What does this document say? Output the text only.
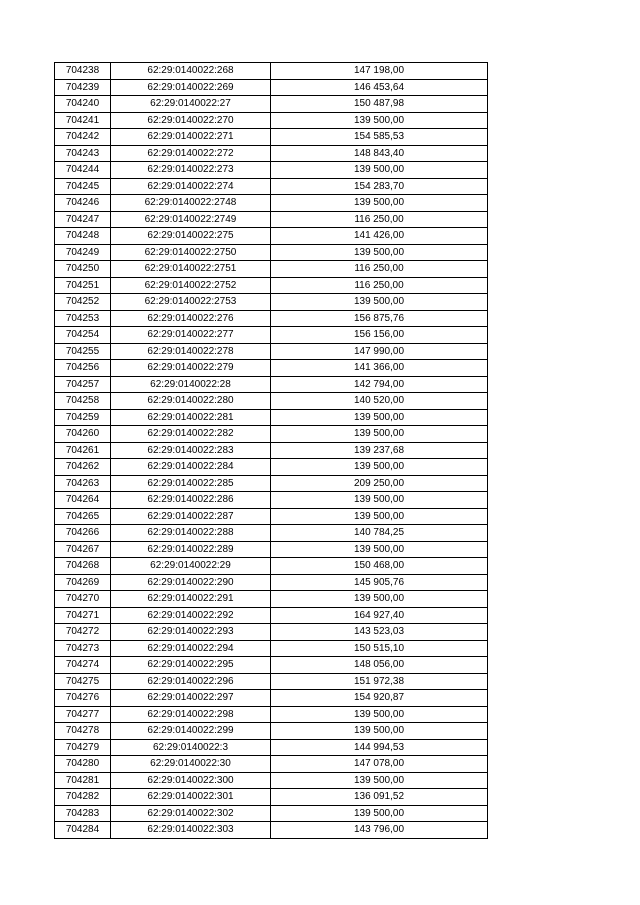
704238	62:29:0140022:268	147 198,00
704239	62:29:0140022:269	146 453,64
704240	62:29:0140022:27	150 487,98
704241	62:29:0140022:270	139 500,00
704242	62:29:0140022:271	154 585,53
704243	62:29:0140022:272	148 843,40
704244	62:29:0140022:273	139 500,00
704245	62:29:0140022:274	154 283,70
704246	62:29:0140022:2748	139 500,00
704247	62:29:0140022:2749	116 250,00
704248	62:29:0140022:275	141 426,00
704249	62:29:0140022:2750	139 500,00
704250	62:29:0140022:2751	116 250,00
704251	62:29:0140022:2752	116 250,00
704252	62:29:0140022:2753	139 500,00
704253	62:29:0140022:276	156 875,76
704254	62:29:0140022:277	156 156,00
704255	62:29:0140022:278	147 990,00
704256	62:29:0140022:279	141 366,00
704257	62:29:0140022:28	142 794,00
704258	62:29:0140022:280	140 520,00
704259	62:29:0140022:281	139 500,00
704260	62:29:0140022:282	139 500,00
704261	62:29:0140022:283	139 237,68
704262	62:29:0140022:284	139 500,00
704263	62:29:0140022:285	209 250,00
704264	62:29:0140022:286	139 500,00
704265	62:29:0140022:287	139 500,00
704266	62:29:0140022:288	140 784,25
704267	62:29:0140022:289	139 500,00
704268	62:29:0140022:29	150 468,00
704269	62:29:0140022:290	145 905,76
704270	62:29:0140022:291	139 500,00
704271	62:29:0140022:292	164 927,40
704272	62:29:0140022:293	143 523,03
704273	62:29:0140022:294	150 515,10
704274	62:29:0140022:295	148 056,00
704275	62:29:0140022:296	151 972,38
704276	62:29:0140022:297	154 920,87
704277	62:29:0140022:298	139 500,00
704278	62:29:0140022:299	139 500,00
704279	62:29:0140022:3	144 994,53
704280	62:29:0140022:30	147 078,00
704281	62:29:0140022:300	139 500,00
704282	62:29:0140022:301	136 091,52
704283	62:29:0140022:302	139 500,00
704284	62:29:0140022:303	143 796,00
